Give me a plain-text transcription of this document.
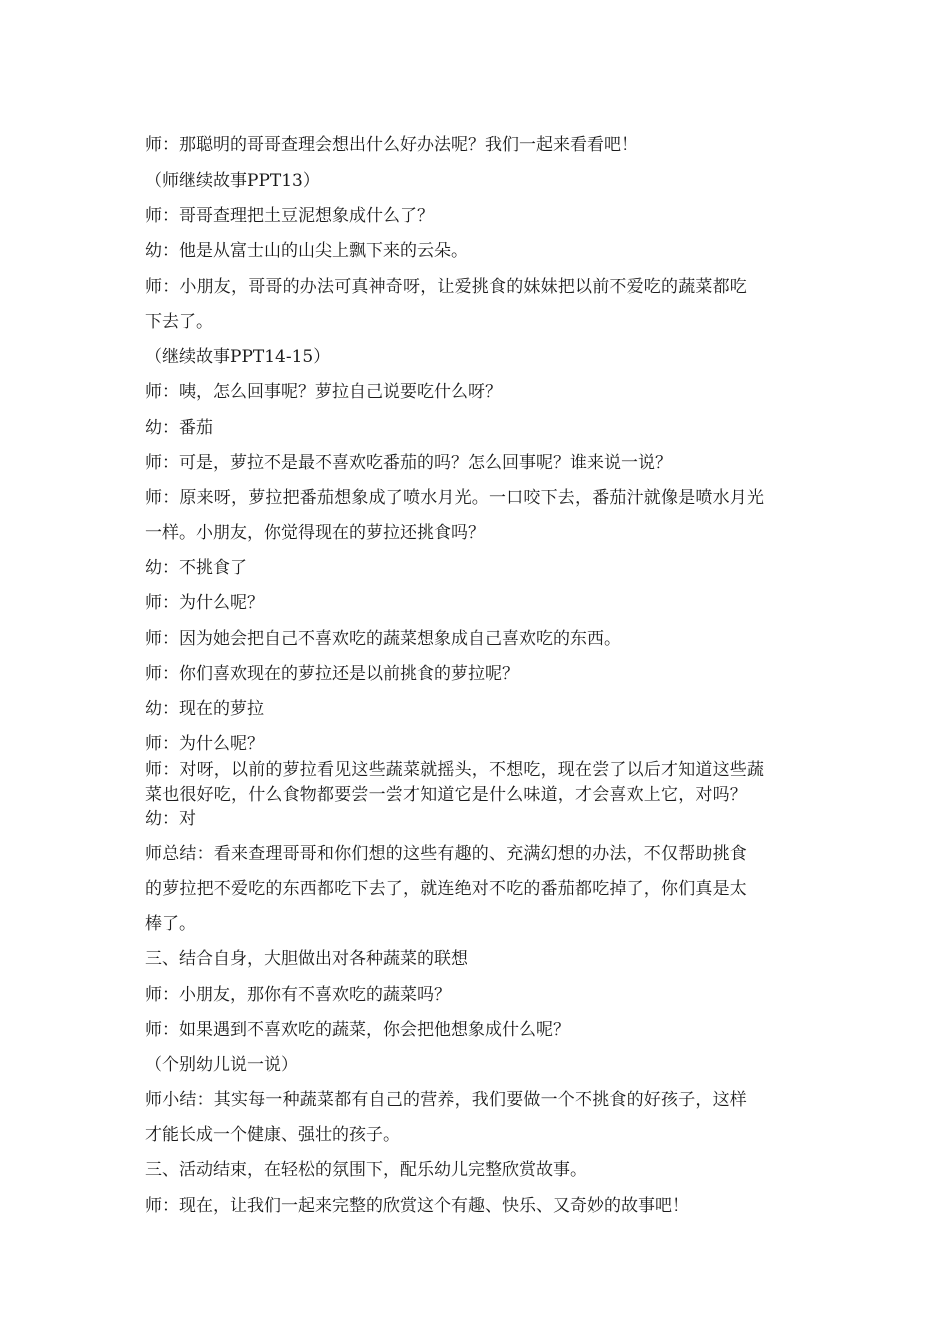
师：那聪明的哥哥查理会想出什么好办法呢？我们一起来看看吧！
（师继续故事PPT13）
师：哥哥查理把土豆泥想象成什么了？
幼：他是从富士山的山尖上飘下来的云朵。
师：小朋友，哥哥的办法可真神奇呀，让爱挑食的妹妹把以前不爱吃的蔬菜都吃
下去了。
（继续故事PPT14-15）
师：咦，怎么回事呢？萝拉自己说要吃什么呀？
幼：番茄
师：可是，萝拉不是最不喜欢吃番茄的吗？怎么回事呢？谁来说一说？
师：原来呀，萝拉把番茄想象成了喷水月光。一口咬下去，番茄汁就像是喷水月光
一样。小朋友，你觉得现在的萝拉还挑食吗？
幼：不挑食了
师：为什么呢？
师：因为她会把自己不喜欢吃的蔬菜想象成自己喜欢吃的东西。
师：你们喜欢现在的萝拉还是以前挑食的萝拉呢？
幼：现在的萝拉
师：为什么呢？
师：对呀，以前的萝拉看见这些蔬菜就摇头，不想吃，现在尝了以后才知道这些蔬
菜也很好吃，什么食物都要尝一尝才知道它是什么味道，才会喜欢上它，对吗？
幼：对
师总结：看来查理哥哥和你们想的这些有趣的、充满幻想的办法，不仅帮助挑食
的萝拉把不爱吃的东西都吃下去了，就连绝对不吃的番茄都吃掉了，你们真是太
棒了。
三、结合自身，大胆做出对各种蔬菜的联想
师：小朋友，那你有不喜欢吃的蔬菜吗？
师：如果遇到不喜欢吃的蔬菜，你会把他想象成什么呢？
（个别幼儿说一说）
师小结：其实每一种蔬菜都有自己的营养，我们要做一个不挑食的好孩子，这样
才能长成一个健康、强壮的孩子。
三、活动结束，在轻松的氛围下，配乐幼儿完整欣赏故事。
师：现在，让我们一起来完整的欣赏这个有趣、快乐、又奇妙的故事吧！
